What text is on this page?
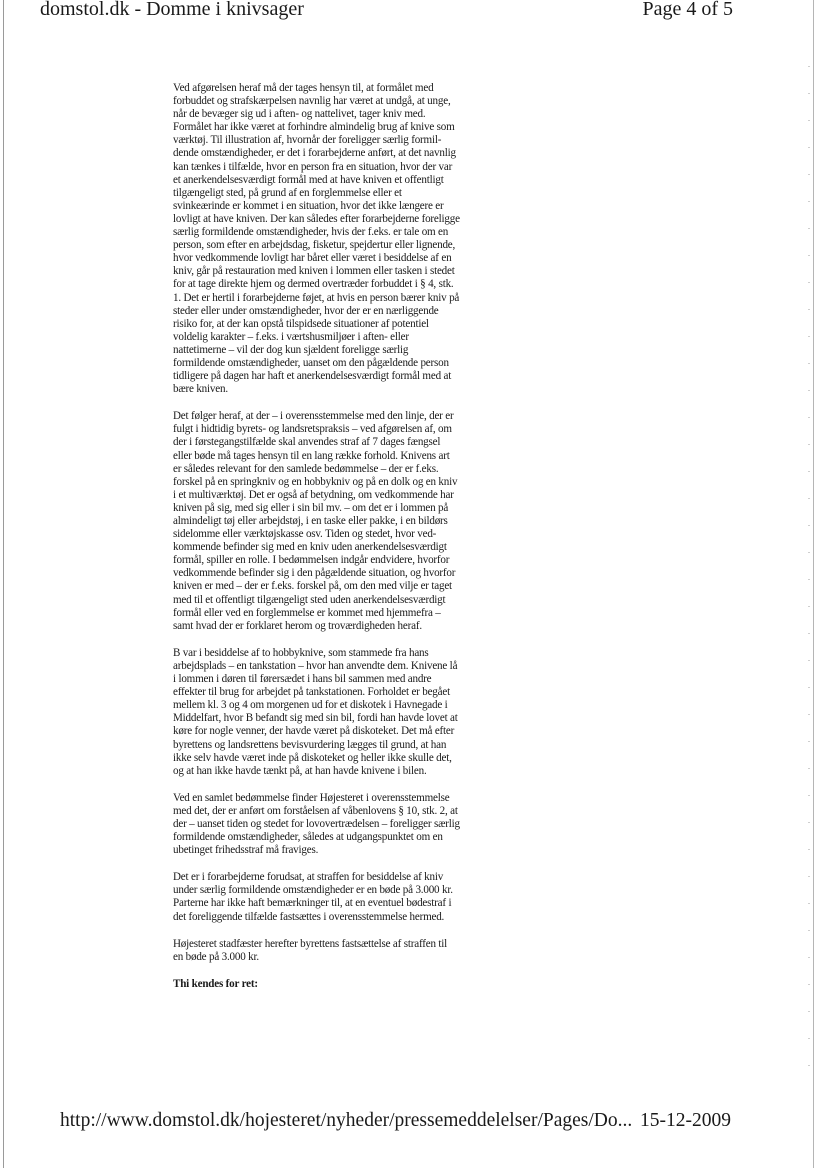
domstol.dk - Domme i knivsager	Page 4 of 5
Ved afgørelsen heraf må der tages hensyn til, at formålet med
forbuddet og strafskærpelsen navnlig har været at undgå, at unge,
når de bevæger sig ud i aften- og nattelivet, tager kniv med.
Formålet har ikke været at forhindre almindelig brug af knive som
værktøj. Til illustration af, hvornår der foreligger særlig formil-
dende omstændigheder, er det i forarbejderne anført, at det navnlig
kan tænkes i tilfælde, hvor en person fra en situation, hvor der var
et anerkendelsesværdigt formål med at have kniven et offentligt
tilgængeligt sted, på grund af en forglemmelse eller et
svinkeærinde er kommet i en situation, hvor det ikke længere er
lovligt at have kniven. Der kan således efter forarbejderne foreligge
særlig formildende omstændigheder, hvis der f.eks. er tale om en
person, som efter en arbejdsdag, fisketur, spejdertur eller lignende,
hvor vedkommende lovligt har båret eller været i besiddelse af en
kniv, går på restauration med kniven i lommen eller tasken i stedet
for at tage direkte hjem og dermed overtræder forbuddet i § 4, stk.
1. Det er hertil i forarbejderne føjet, at hvis en person bærer kniv på
steder eller under omstændigheder, hvor der er en nærliggende
risiko for, at der kan opstå tilspidsede situationer af potentiel
voldelig karakter – f.eks. i værtshusmiljøer i aften- eller
nattetimerne – vil der dog kun sjældent foreligge særlig
formildende omstændigheder, uanset om den pågældende person
tidligere på dagen har haft et anerkendelsesværdigt formål med at
bære kniven.
Det følger heraf, at der – i overensstemmelse med den linje, der er
fulgt i hidtidig byrets- og landsretspraksis – ved afgørelsen af, om
der i førstegangstilfælde skal anvendes straf af 7 dages fængsel
eller bøde må tages hensyn til en lang række forhold. Knivens art
er således relevant for den samlede bedømmelse – der er f.eks.
forskel på en springkniv og en hobbykniv og på en dolk og en kniv
i et multiværktøj. Det er også af betydning, om vedkommende har
kniven på sig, med sig eller i sin bil mv. – om det er i lommen på
almindeligt tøj eller arbejdstøj, i en taske eller pakke, i en bildørs
sidelomme eller værktøjskasse osv. Tiden og stedet, hvor ved-
kommende befinder sig med en kniv uden anerkendelsesværdigt
formål, spiller en rolle. I bedømmelsen indgår endvidere, hvorfor
vedkommende befinder sig i den pågældende situation, og hvorfor
kniven er med – der er f.eks. forskel på, om den med vilje er taget
med til et offentligt tilgængeligt sted uden anerkendelsesværdigt
formål eller ved en forglemmelse er kommet med hjemmefra –
samt hvad der er forklaret herom og troværdigheden heraf.
B var i besiddelse af to hobbyknive, som stammede fra hans
arbejdsplads – en tankstation – hvor han anvendte dem. Knivene lå
i lommen i døren til førersædet i hans bil sammen med andre
effekter til brug for arbejdet på tankstationen. Forholdet er begået
mellem kl. 3 og 4 om morgenen ud for et diskotek i Havnegade i
Middelfart, hvor B befandt sig med sin bil, fordi han havde lovet at
køre for nogle venner, der havde været på diskoteket. Det må efter
byrettens og landsrettens bevisvurdering lægges til grund, at han
ikke selv havde været inde på diskoteket og heller ikke skulle det,
og at han ikke havde tænkt på, at han havde knivene i bilen.
Ved en samlet bedømmelse finder Højesteret i overensstemmelse
med det, der er anført om forståelsen af våbenlovens § 10, stk. 2, at
der – uanset tiden og stedet for lovovertrædelsen – foreligger særlig
formildende omstændigheder, således at udgangspunktet om en
ubetinget frihedsstraf må fraviges.
Det er i forarbejderne forudsat, at straffen for besiddelse af kniv
under særlig formildende omstændigheder er en bøde på 3.000 kr.
Parterne har ikke haft bemærkninger til, at en eventuel bødestraf i
det foreliggende tilfælde fastsættes i overensstemmelse hermed.
Højesteret stadfæster herefter byrettens fastsættelse af straffen til
en bøde på 3.000 kr.
Thi kendes for ret:
http://www.domstol.dk/hojesteret/nyheder/pressemeddelelser/Pages/Do... 15-12-2009
